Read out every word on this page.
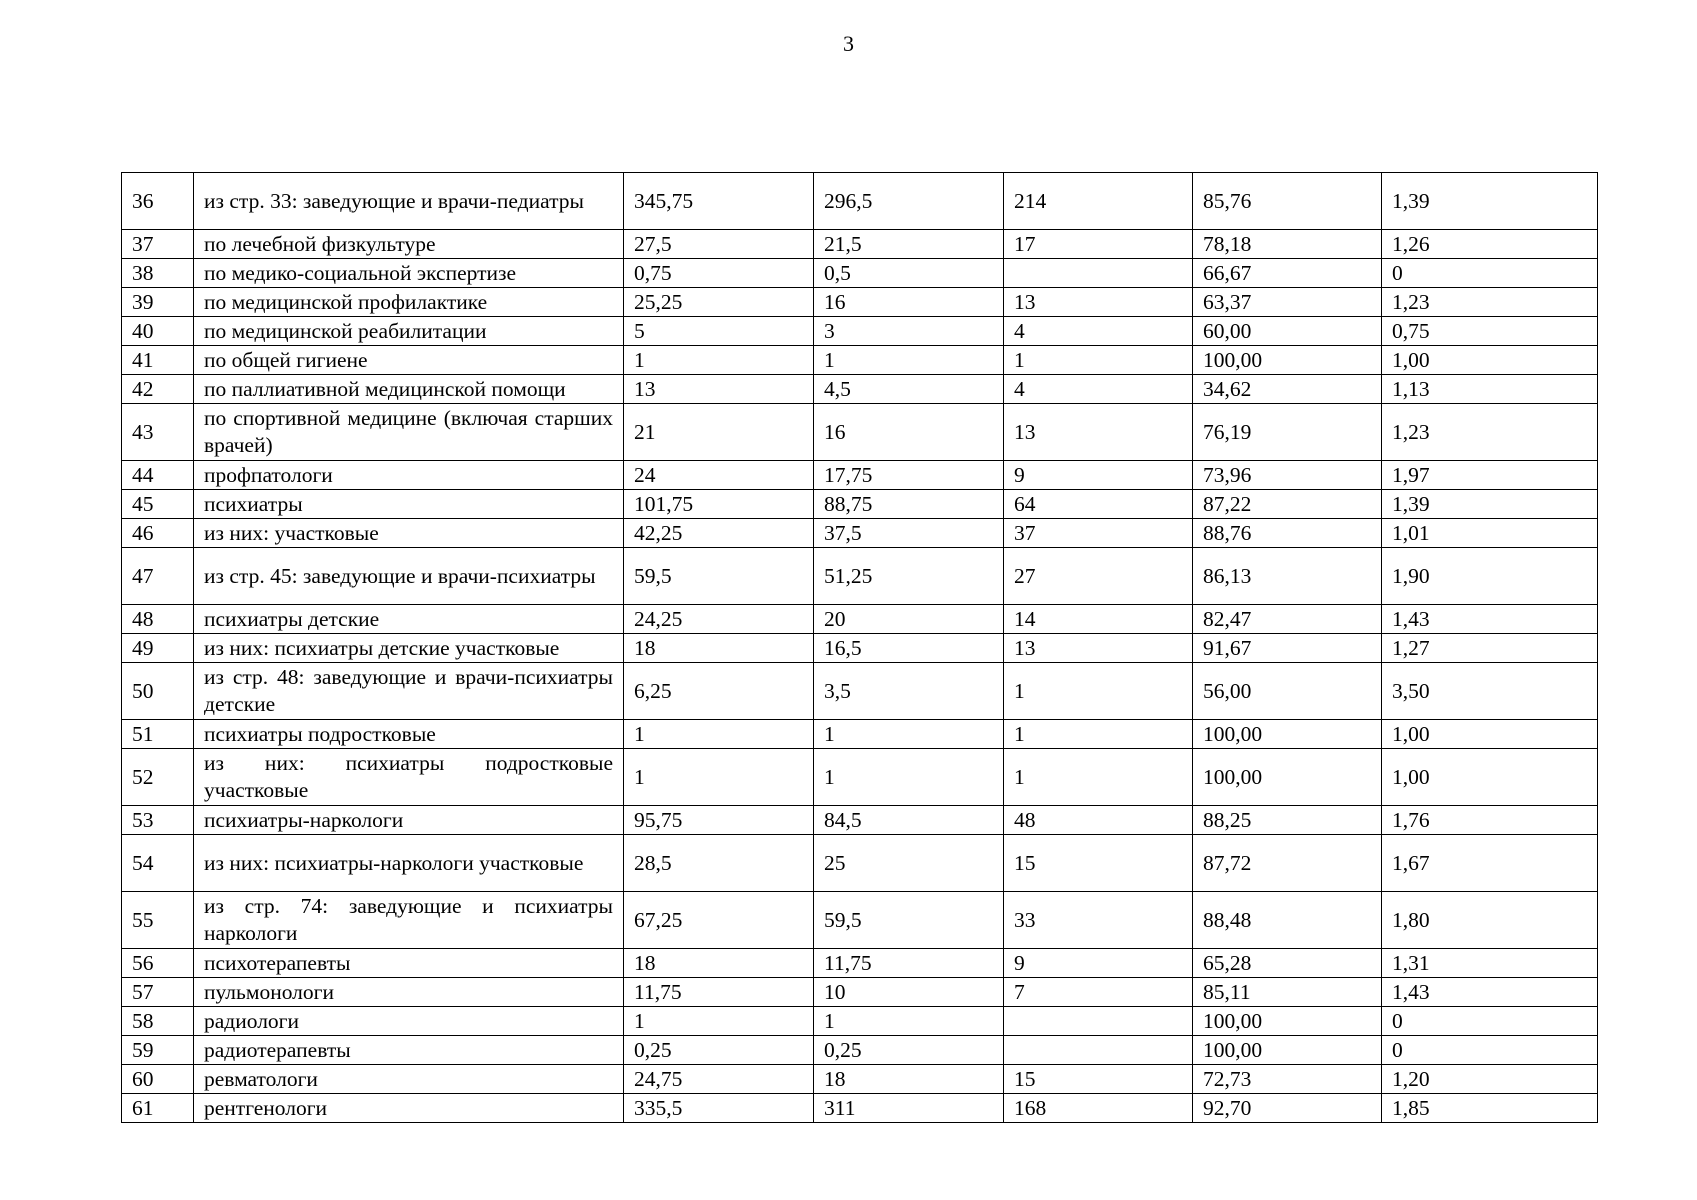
3
36	из стр. 33: заведующие и врачи-педиатры	345,75	296,5	214	85,76	1,39
37	по лечебной физкультуре	27,5	21,5	17	78,18	1,26
38	по медико-социальной экспертизе	0,75	0,5		66,67	0
39	по медицинской профилактике	25,25	16	13	63,37	1,23
40	по медицинской реабилитации	5	3	4	60,00	0,75
41	по общей гигиене	1	1	1	100,00	1,00
42	по паллиативной медицинской помощи	13	4,5	4	34,62	1,13
43	по спортивной медицине (включая старших врачей)	21	16	13	76,19	1,23
44	профпатологи	24	17,75	9	73,96	1,97
45	психиатры	101,75	88,75	64	87,22	1,39
46	из них: участковые	42,25	37,5	37	88,76	1,01
47	из стр. 45: заведующие и врачи-психиатры	59,5	51,25	27	86,13	1,90
48	психиатры детские	24,25	20	14	82,47	1,43
49	из них: психиатры детские участковые	18	16,5	13	91,67	1,27
50	из стр. 48: заведующие и врачи-психиатры детские	6,25	3,5	1	56,00	3,50
51	психиатры подростковые	1	1	1	100,00	1,00
52	из них: психиатры подростковые участковые	1	1	1	100,00	1,00
53	психиатры-наркологи	95,75	84,5	48	88,25	1,76
54	из них: психиатры-наркологи участковые	28,5	25	15	87,72	1,67
55	из стр. 74: заведующие и психиатры наркологи	67,25	59,5	33	88,48	1,80
56	психотерапевты	18	11,75	9	65,28	1,31
57	пульмонологи	11,75	10	7	85,11	1,43
58	радиологи	1	1		100,00	0
59	радиотерапевты	0,25	0,25		100,00	0
60	ревматологи	24,75	18	15	72,73	1,20
61	рентгенологи	335,5	311	168	92,70	1,85
